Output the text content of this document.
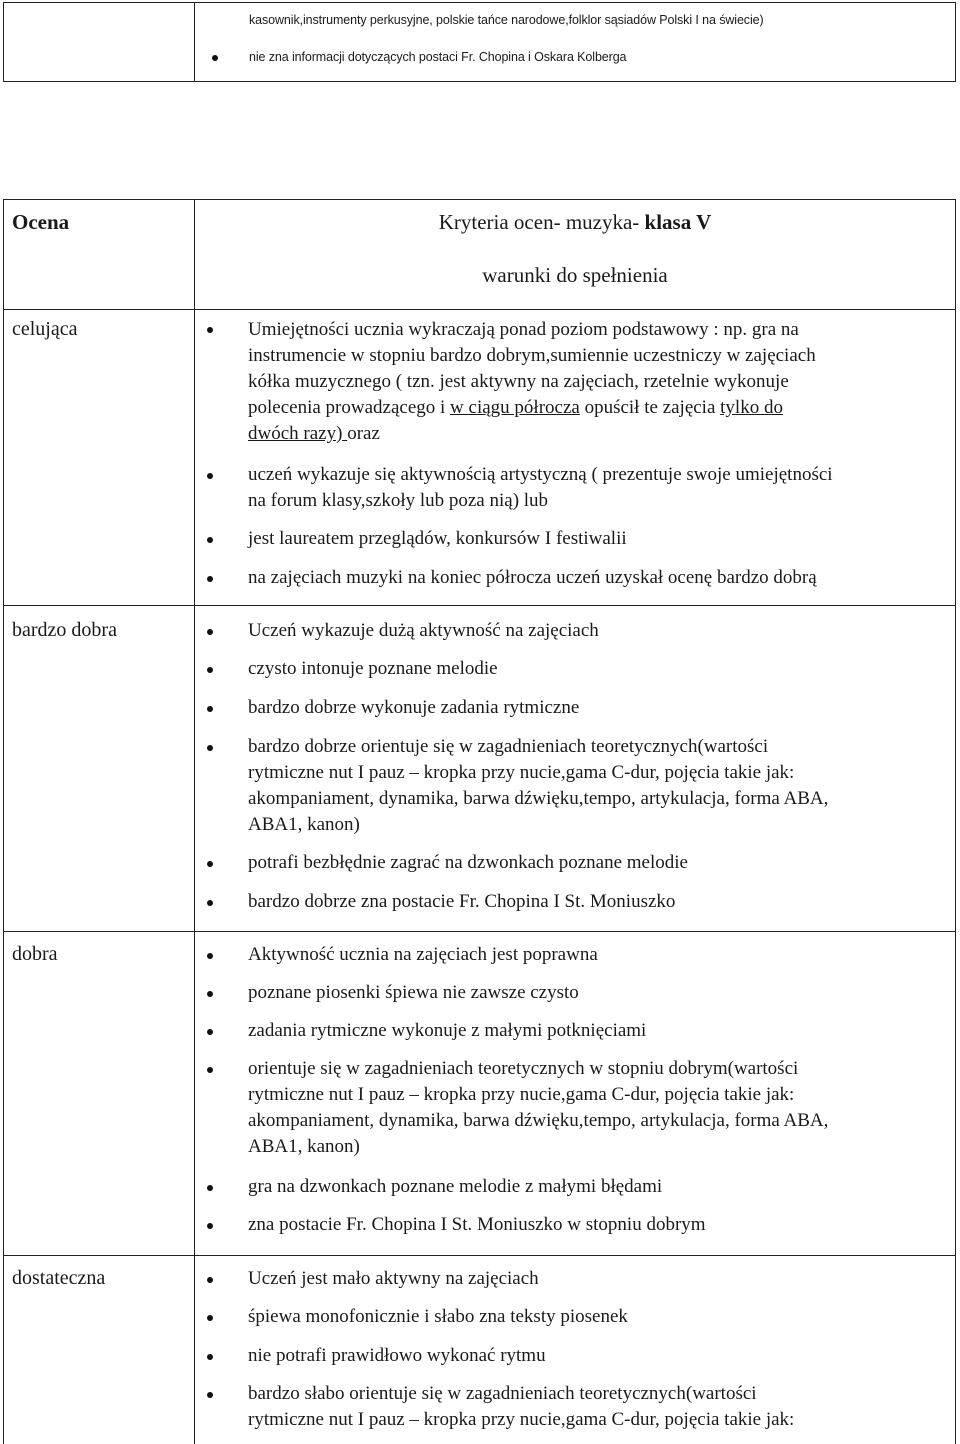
kasownik,instrumenty perkusyjne, polskie tańce narodowe,folklor sąsiadów Polski I na świecie)
nie zna informacji dotyczących postaci Fr. Chopina i Oskara Kolberga
Ocena	Kryteria ocen- muzyka- klasa V
warunki do spełnienia
celująca	Umiejętności ucznia wykraczają ponad poziom podstawowy : np. gra na
instrumencie w stopniu bardzo dobrym,sumiennie uczestniczy w zajęciach
kółka muzycznego ( tzn. jest aktywny na zajęciach, rzetelnie wykonuje
polecenia prowadzącego i w ciągu półrocza opuścił te zajęcia tylko do
dwóch razy) oraz
uczeń wykazuje się aktywnością artystyczną ( prezentuje swoje umiejętności
na forum klasy,szkoły lub poza nią) lub
jest laureatem przeglądów, konkursów I festiwalii
na zajęciach muzyki na koniec półrocza uczeń uzyskał ocenę bardzo dobrą
bardzo dobra	Uczeń wykazuje dużą aktywność na zajęciach
czysto intonuje poznane melodie
bardzo dobrze wykonuje zadania rytmiczne
bardzo dobrze orientuje się w zagadnieniach teoretycznych(wartości
rytmiczne nut I pauz – kropka przy nucie,gama C-dur, pojęcia takie jak:
akompaniament, dynamika, barwa dźwięku,tempo, artykulacja, forma ABA,
ABA1, kanon)
potrafi bezbłędnie zagrać na dzwonkach poznane melodie
bardzo dobrze zna postacie Fr. Chopina I St. Moniuszko
dobra	Aktywność ucznia na zajęciach jest poprawna
poznane piosenki śpiewa nie zawsze czysto
zadania rytmiczne wykonuje z małymi potknięciami
orientuje się w zagadnieniach teoretycznych w stopniu dobrym(wartości
rytmiczne nut I pauz – kropka przy nucie,gama C-dur, pojęcia takie jak:
akompaniament, dynamika, barwa dźwięku,tempo, artykulacja, forma ABA,
ABA1, kanon)
gra na dzwonkach poznane melodie z małymi błędami
zna postacie Fr. Chopina I St. Moniuszko w stopniu dobrym
dostateczna	Uczeń jest mało aktywny na zajęciach
śpiewa monofonicznie i słabo zna teksty piosenek
nie potrafi prawidłowo wykonać rytmu
bardzo słabo orientuje się w zagadnieniach teoretycznych(wartości
rytmiczne nut I pauz – kropka przy nucie,gama C-dur, pojęcia takie jak:
